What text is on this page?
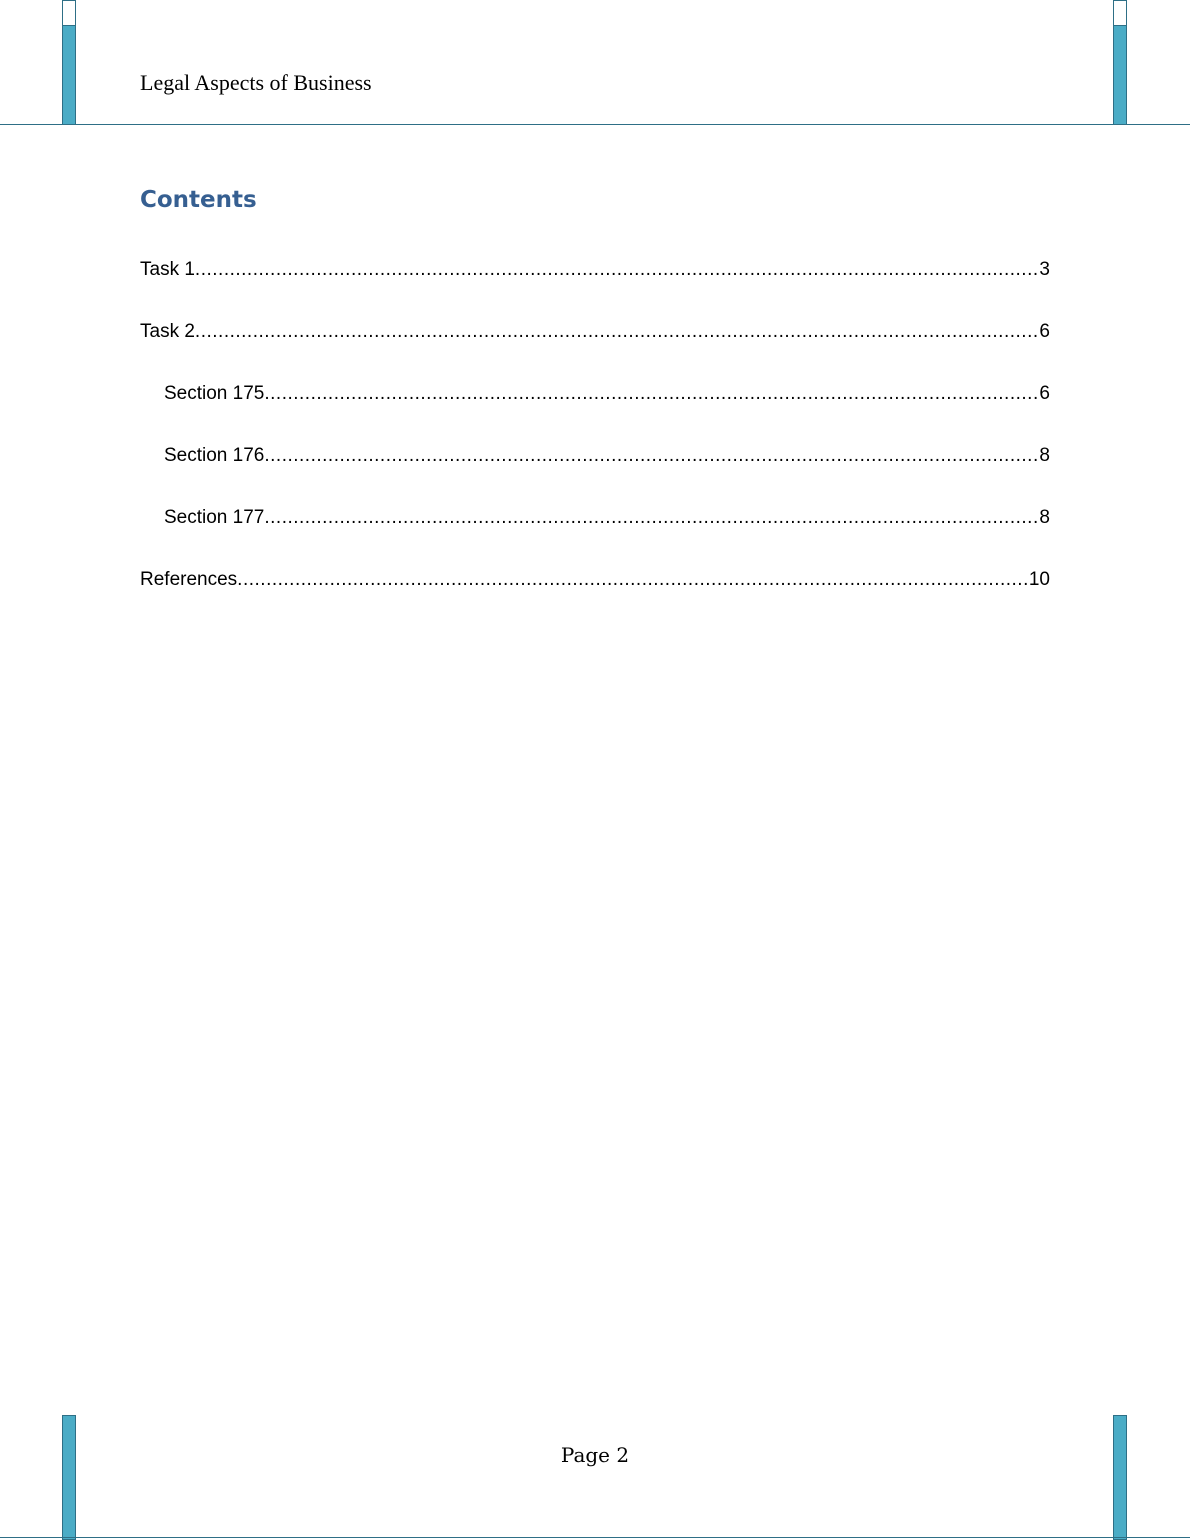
Legal Aspects of Business
Contents
Task 1 .....	3
Task 2 .....	6
Section 175 .....	6
Section 176 .....	8
Section 177 .....	8
References .....	10
Page 2
